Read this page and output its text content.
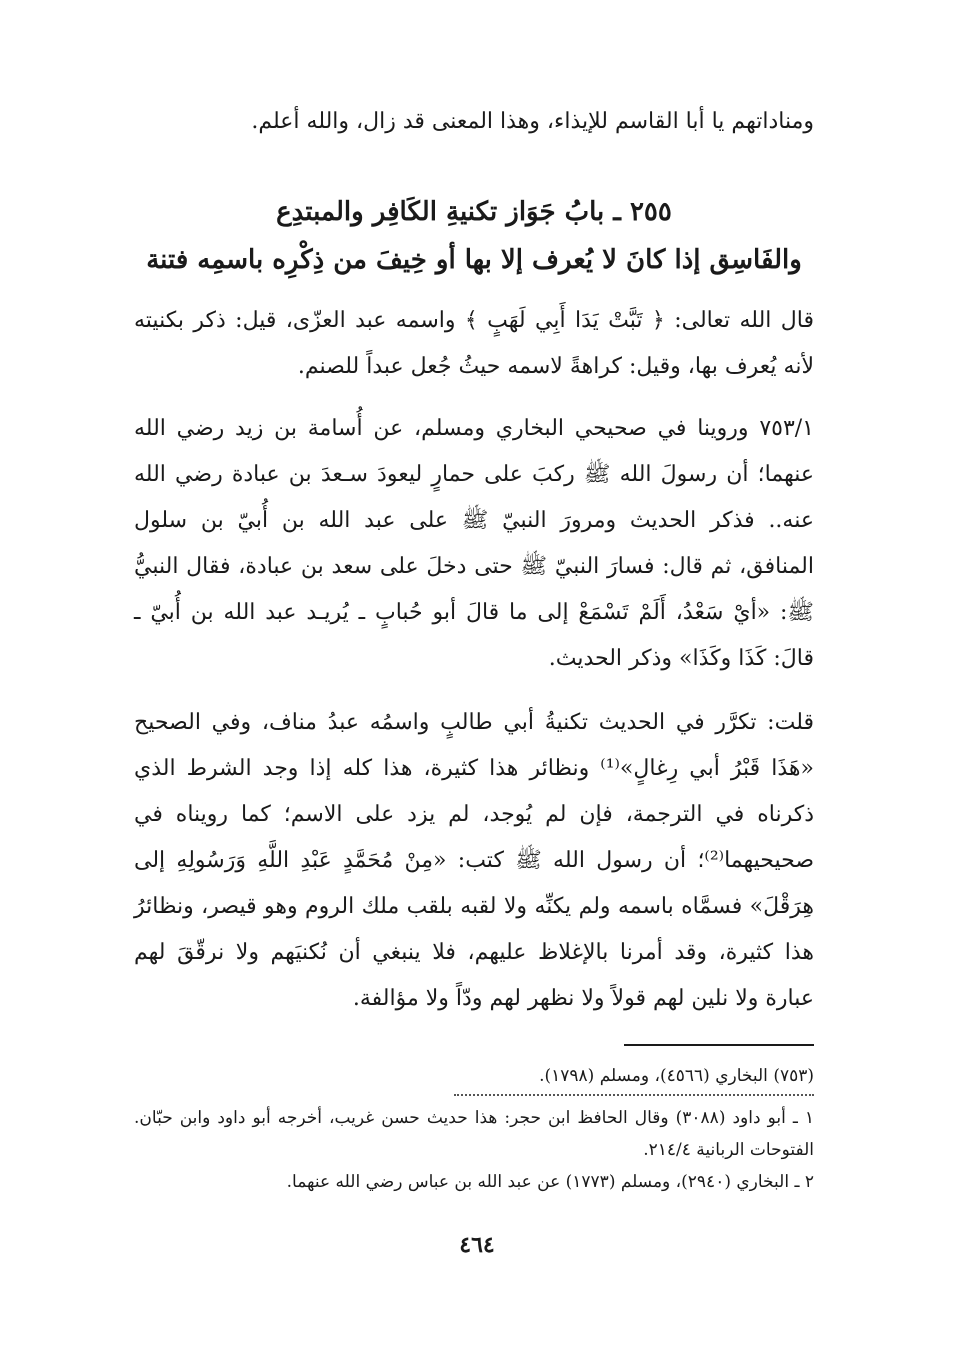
ومناداتهم يا أبا القاسم للإيذاء، وهذا المعنى قد زال، والله أعلم.
٢٥٥ ـ بابُ جَوَاز تكنيةِ الكَافِر والمبتدِع
والفَاسِق إذا كانَ لا يُعرف إلا بها أو خِيفَ من ذِكْرِه باسمِه فتنة
قال الله تعالى: ﴿ تَبَّتْ يَدَا أَبِي لَهَبٍ ﴾ واسمه عبد العزّى، قيل: ذكر بكنيته لأنه يُعرف بها، وقيل: كراهةً لاسمه حيثُ جُعل عبداً للصنم.
٧٥٣/١ وروينا في صحيحي البخاري ومسلم، عن أُسامة بن زيد رضي الله عنهما؛ أن رسولَ الله ﷺ ركبَ على حمارٍ ليعودَ سـعدَ بن عبادة رضي الله عنه.. فذكر الحديث ومرورَ النبيّ ﷺ على عبد الله بن أُبيّ بن سلول المنافق، ثم قال: فسارَ النبيّ ﷺ حتى دخلَ على سعد بن عبادة، فقال النبيُّ ﷺ: «أيْ سَعْدُ، أَلَمْ تَسْمَعْ إلى ما قالَ أبو حُبابٍ ـ يُريـد عبد الله بن أُبيّ ـ قالَ: كَذَا وكَذَا» وذكر الحديث.
قلت: تكرَّر في الحديث تكنيةُ أبي طالبٍ واسمُه عبدُ مناف، وفي الصحيح «هَذَا قَبْرُ أبي رِغالٍ»⁽¹⁾ ونظائر هذا كثيرة، هذا كله إذا وجد الشرط الذي ذكرناه في الترجمة، فإن لم يُوجد، لم يزد على الاسم؛ كما رويناه في صحيحيهما⁽²⁾؛ أن رسول الله ﷺ كتب: «مِنْ مُحَمَّدٍ عَبْدِ اللَّهِ وَرَسُولِهِ إلى هِرَقْلَ» فسمَّاه باسمه ولم يكنِّه ولا لقبه بلقب ملك الروم وهو قيصر، ونظائرُ هذا كثيرة، وقد أمرنا بالإغلاظ عليهم، فلا ينبغي أن نُكنيَهم ولا نرقّقَ لهم عبارة ولا نلين لهم قولاً ولا نظهر لهم ودّاً ولا مؤالفة.
(٧٥٣) البخاري (٤٥٦٦)، ومسلم (١٧٩٨).
١ ـ أبو داود (٣٠٨٨) وقال الحافظ ابن حجر: هذا حديث حسن غريب، أخرجه أبو داود وابن حبّان. الفتوحات الربانية ٢١٤/٤.
٢ ـ البخاري (٢٩٤٠)، ومسلم (١٧٧٣) عن عبد الله بن عباس رضي الله عنهما.
٤٦٤
